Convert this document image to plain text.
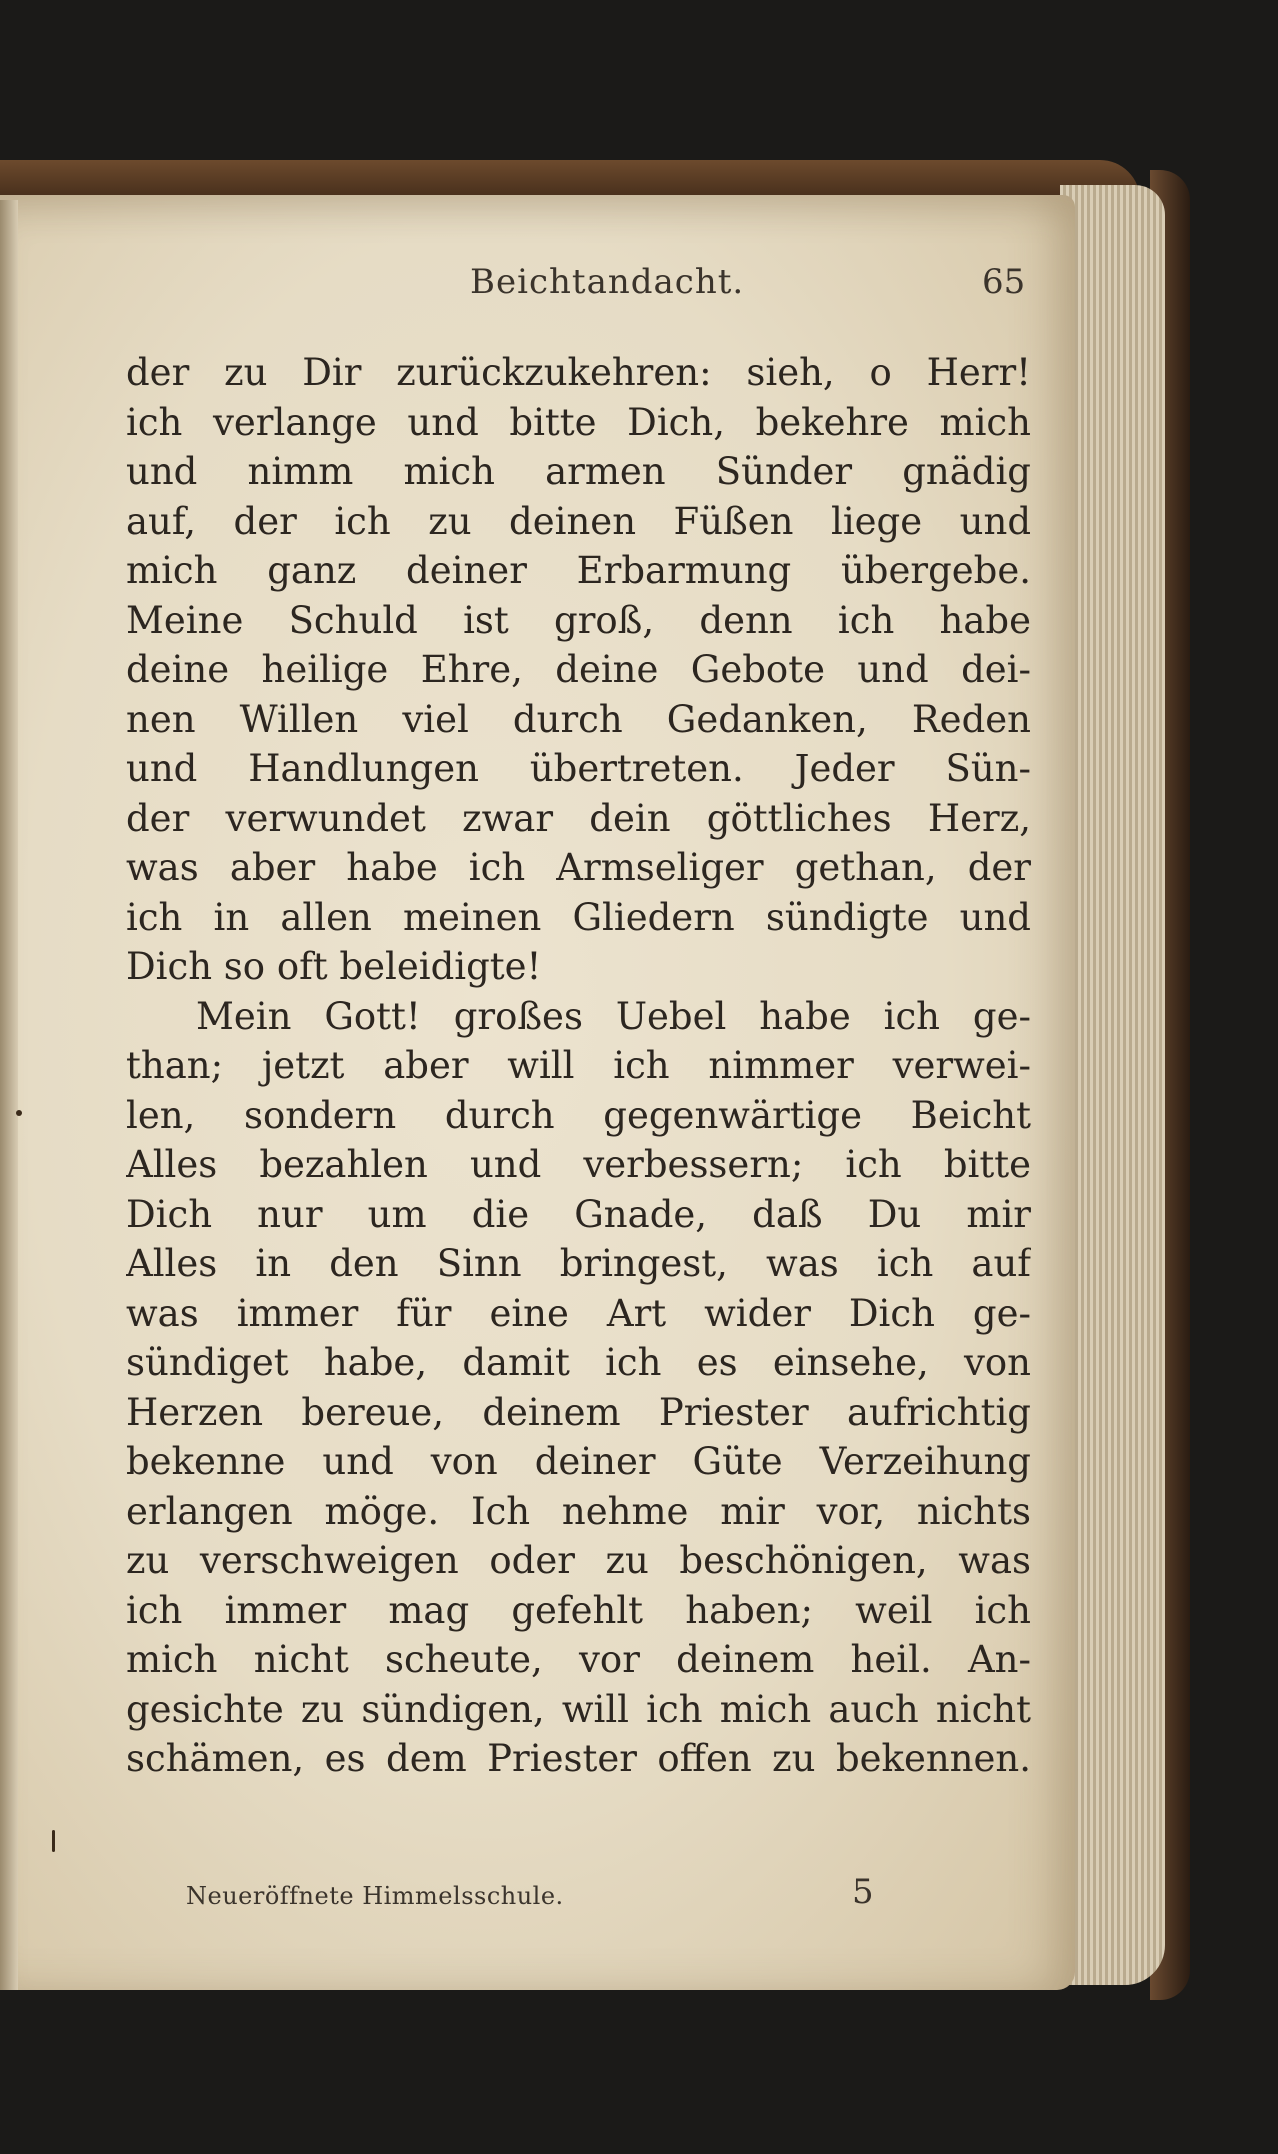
Beichtandacht.	65
der zu Dir zurückzukehren: sieh, o Herr!
ich verlange und bitte Dich, bekehre mich
und nimm mich armen Sünder gnädig
auf, der ich zu deinen Füßen liege und
mich ganz deiner Erbarmung übergebe.
Meine Schuld ist groß, denn ich habe
deine heilige Ehre, deine Gebote und dei-
nen Willen viel durch Gedanken, Reden
und Handlungen übertreten. Jeder Sün-
der verwundet zwar dein göttliches Herz,
was aber habe ich Armseliger gethan, der
ich in allen meinen Gliedern sündigte und
Dich so oft beleidigte!
Mein Gott! großes Uebel habe ich ge-
than; jetzt aber will ich nimmer verwei-
len, sondern durch gegenwärtige Beicht
Alles bezahlen und verbessern; ich bitte
Dich nur um die Gnade, daß Du mir
Alles in den Sinn bringest, was ich auf
was immer für eine Art wider Dich ge-
sündiget habe, damit ich es einsehe, von
Herzen bereue, deinem Priester aufrichtig
bekenne und von deiner Güte Verzeihung
erlangen möge. Ich nehme mir vor, nichts
zu verschweigen oder zu beschönigen, was
ich immer mag gefehlt haben; weil ich
mich nicht scheute, vor deinem heil. An-
gesichte zu sündigen, will ich mich auch nicht
schämen, es dem Priester offen zu bekennen.
Neueröffnete Himmelsschule.	5
